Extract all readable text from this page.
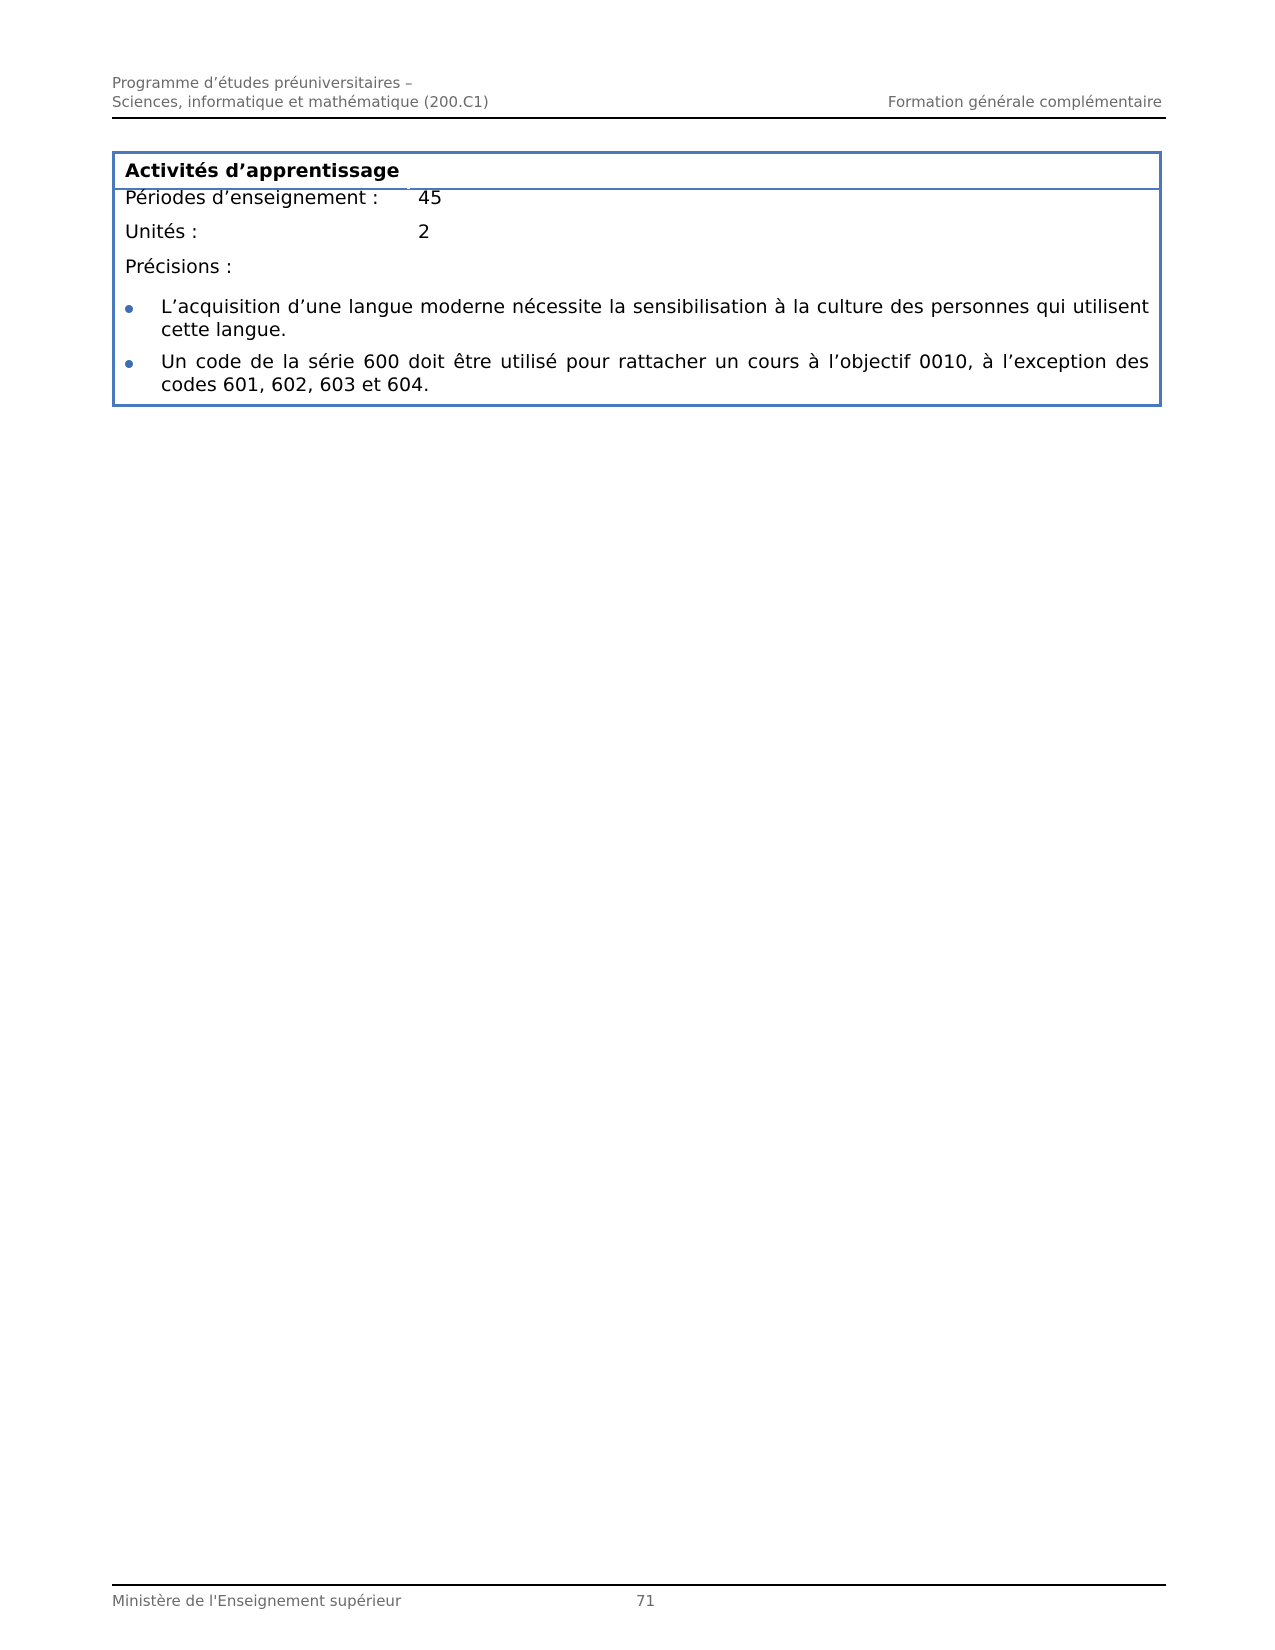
Programme d’études préuniversitaires –
Sciences, informatique et mathématique (200.C1)	Formation générale complémentaire
Activités d’apprentissage
Périodes d’enseignement : 45
Unités :	2
Précisions :
L’acquisition d’une langue moderne nécessite la sensibilisation à la culture des personnes qui utilisent cette langue.
Un code de la série 600 doit être utilisé pour rattacher un cours à l’objectif 0010, à l’exception des codes 601, 602, 603 et 604.
Ministère de l'Enseignement supérieur	71
